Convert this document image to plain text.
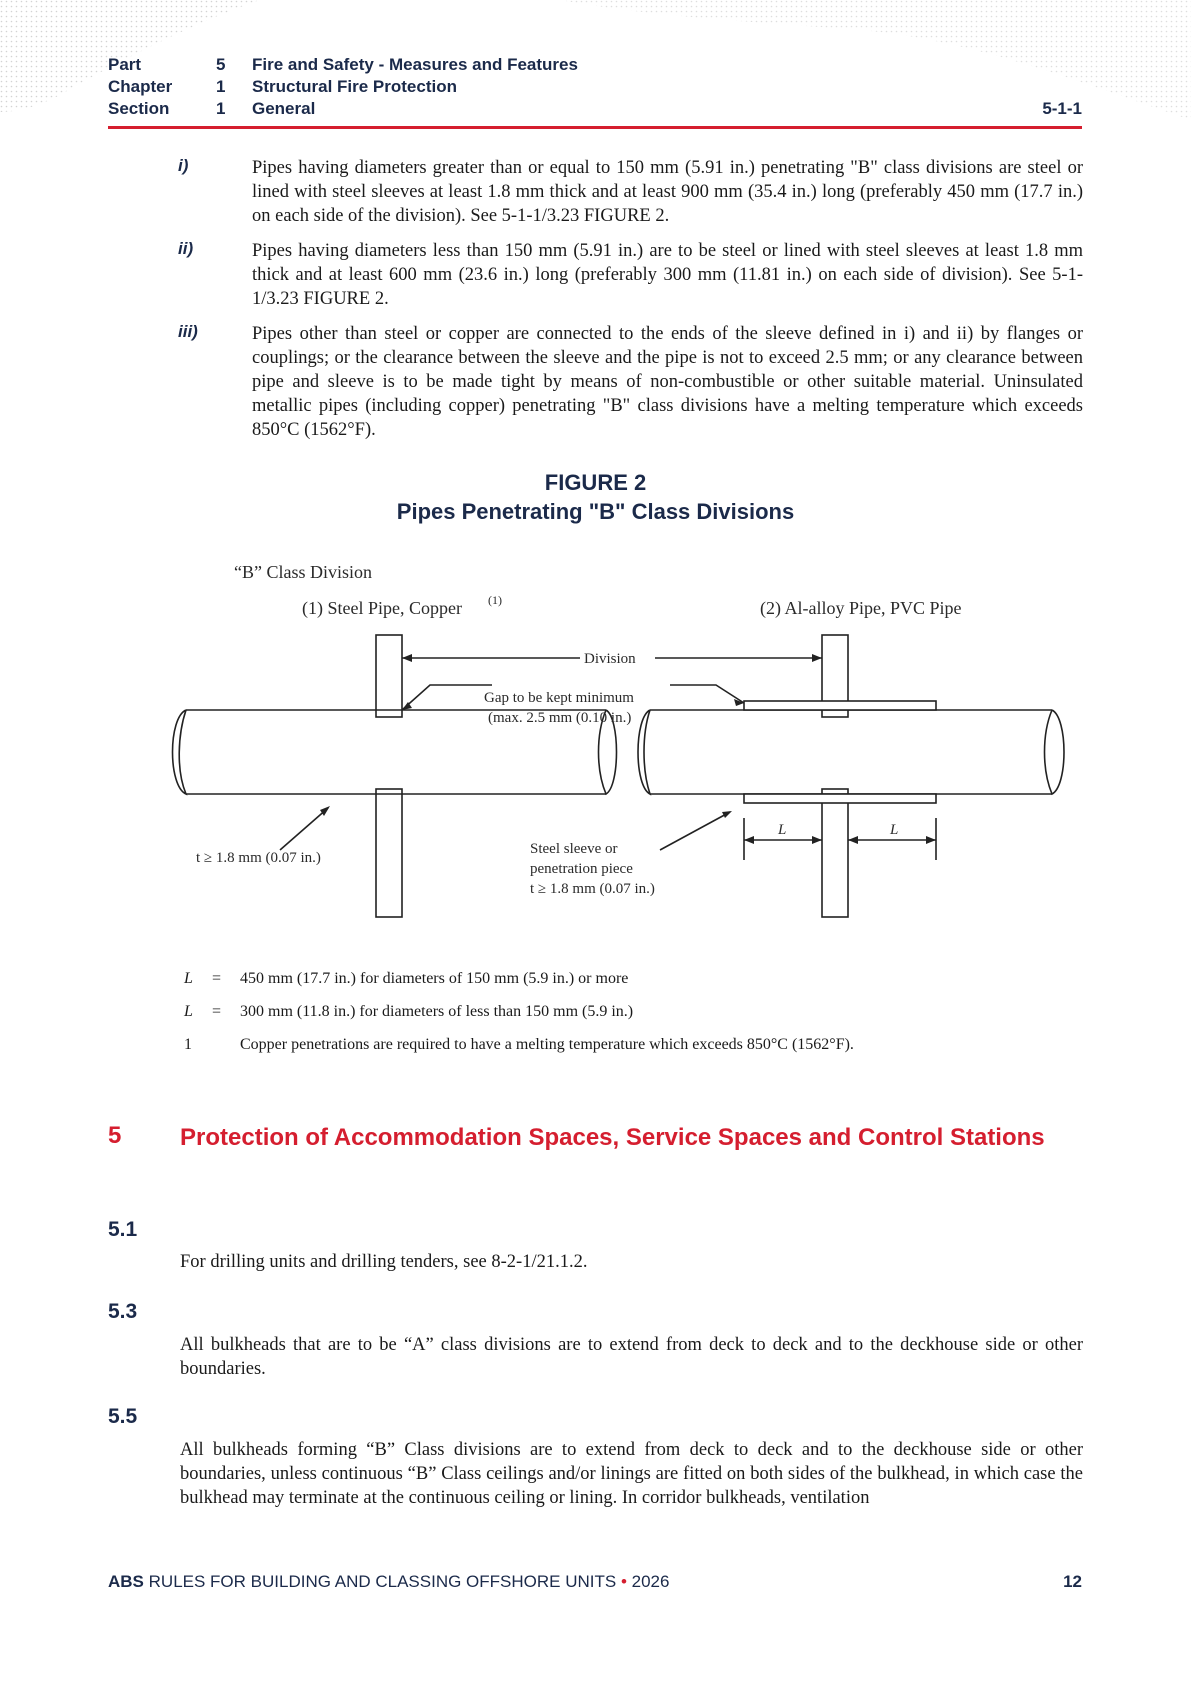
Part	5 Fire and Safety - Measures and Features
Chapter	1 Structural Fire Protection
Section	1 General	5-1-1
i)	Pipes having diameters greater than or equal to 150 mm (5.91 in.) penetrating "B" class divisions are steel or lined with steel sleeves at least 1.8 mm thick and at least 900 mm (35.4 in.) long (preferably 450 mm (17.7 in.) on each side of the division). See 5-1-1/3.23 FIGURE 2.
ii)	Pipes having diameters less than 150 mm (5.91 in.) are to be steel or lined with steel sleeves at least 1.8 mm thick and at least 600 mm (23.6 in.) long (preferably 300 mm (11.81 in.) on each side of division). See 5-1-1/3.23 FIGURE 2.
iii)	Pipes other than steel or copper are connected to the ends of the sleeve defined in i) and ii) by flanges or couplings; or the clearance between the sleeve and the pipe is not to exceed 2.5 mm; or any clearance between pipe and sleeve is to be made tight by means of non-combustible or other suitable material. Uninsulated metallic pipes (including copper) penetrating "B" class divisions have a melting temperature which exceeds 850°C (1562°F).
FIGURE 2
Pipes Penetrating "B" Class Divisions
“B” Class Division
(1) Steel Pipe, Copper (1)	(2) Al-alloy Pipe, PVC Pipe
Division
Gap to be kept minimum
(max. 2.5 mm (0.10 in.)
t ≥ 1.8 mm (0.07 in.)
Steel sleeve or
penetration piece
t ≥ 1.8 mm (0.07 in.)
L	L
L = 450 mm (17.7 in.) for diameters of 150 mm (5.9 in.) or more
L = 300 mm (11.8 in.) for diameters of less than 150 mm (5.9 in.)
1	Copper penetrations are required to have a melting temperature which exceeds 850°C (1562°F).
5 Protection of Accommodation Spaces, Service Spaces and Control Stations
5.1
For drilling units and drilling tenders, see 8-2-1/21.1.2.
5.3
All bulkheads that are to be “A” class divisions are to extend from deck to deck and to the deckhouse side or other boundaries.
5.5
All bulkheads forming “B” Class divisions are to extend from deck to deck and to the deckhouse side or other boundaries, unless continuous “B” Class ceilings and/or linings are fitted on both sides of the bulkhead, in which case the bulkhead may terminate at the continuous ceiling or lining. In corridor bulkheads, ventilation
ABS RULES FOR BUILDING AND CLASSING OFFSHORE UNITS • 2026	12
